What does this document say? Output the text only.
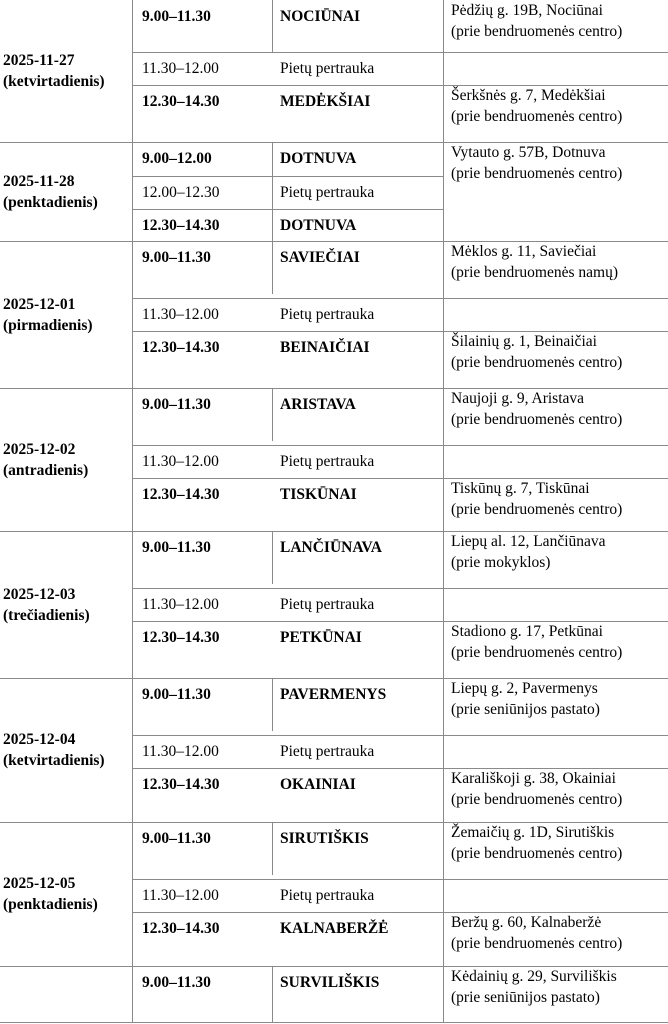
2025-11-27
(ketvirtadienis)
9.00–11.30	NOCIŪNAI	Pėdžių g. 19B, Nociūnai
(prie bendruomenės centro)
11.30–12.00	Pietų pertrauka
12.30–14.30	MEDĖKŠIAI	Šerkšnės g. 7, Medėkšiai
(prie bendruomenės centro)
2025-11-28
(penktadienis)
9.00–12.00	DOTNUVA	Vytauto g. 57B, Dotnuva
(prie bendruomenės centro)
12.00–12.30	Pietų pertrauka
12.30–14.30	DOTNUVA
2025-12-01
(pirmadienis)
9.00–11.30	SAVIEČIAI	Mėklos g. 11, Saviečiai
(prie bendruomenės namų)
11.30–12.00	Pietų pertrauka
12.30–14.30	BEINAIČIAI	Šilainių g. 1, Beinaičiai
(prie bendruomenės centro)
2025-12-02
(antradienis)
9.00–11.30	ARISTAVA	Naujoji g. 9, Aristava
(prie bendruomenės centro)
11.30–12.00	Pietų pertrauka
12.30–14.30	TISKŪNAI	Tiskūnų g. 7, Tiskūnai
(prie bendruomenės centro)
2025-12-03
(trečiadienis)
9.00–11.30	LANČIŪNAVA	Liepų al. 12, Lančiūnava
(prie mokyklos)
11.30–12.00	Pietų pertrauka
12.30–14.30	PETKŪNAI	Stadiono g. 17, Petkūnai
(prie bendruomenės centro)
2025-12-04
(ketvirtadienis)
9.00–11.30	PAVERMENYS	Liepų g. 2, Pavermenys
(prie seniūnijos pastato)
11.30–12.00	Pietų pertrauka
12.30–14.30	OKAINIAI	Karališkoji g. 38, Okainiai
(prie bendruomenės centro)
2025-12-05
(penktadienis)
9.00–11.30	SIRUTIŠKIS	Žemaičių g. 1D, Sirutiškis
(prie bendruomenės centro)
11.30–12.00	Pietų pertrauka
12.30–14.30	KALNABERŽĖ	Beržų g. 60, Kalnaberžė
(prie bendruomenės centro)
9.00–11.30	SURVILIŠKIS	Kėdainių g. 29, Surviliškis
(prie seniūnijos pastato)
